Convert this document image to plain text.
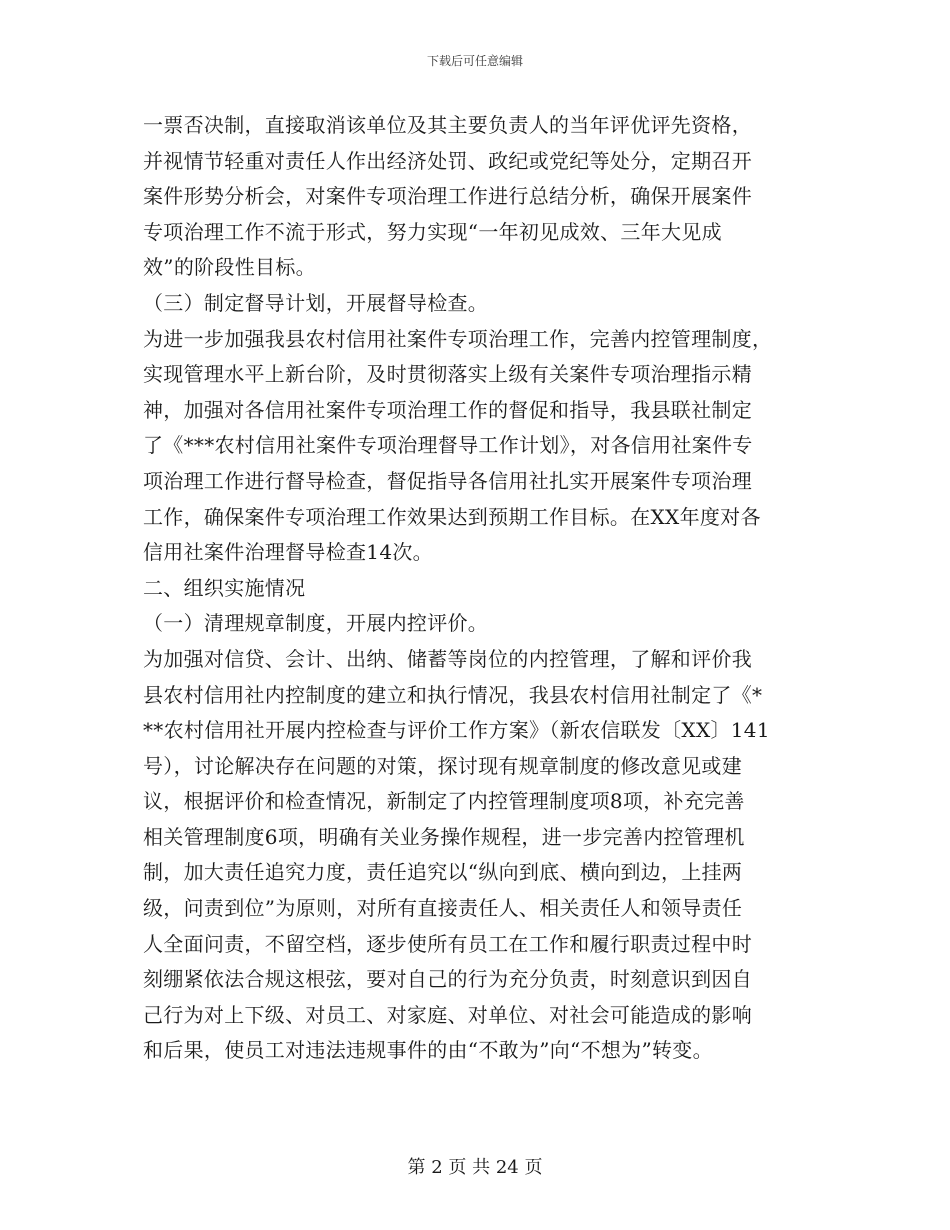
下载后可任意编辑
一票否决制，直接取消该单位及其主要负责人的当年评优评先资格，
并视情节轻重对责任人作出经济处罚、政纪或党纪等处分，定期召开
案件形势分析会，对案件专项治理工作进行总结分析，确保开展案件
专项治理工作不流于形式，努力实现“一年初见成效、三年大见成
效”的阶段性目标。
（三）制定督导计划，开展督导检查。
为进一步加强我县农村信用社案件专项治理工作，完善内控管理制度，
实现管理水平上新台阶，及时贯彻落实上级有关案件专项治理指示精
神，加强对各信用社案件专项治理工作的督促和指导，我县联社制定
了《***农村信用社案件专项治理督导工作计划》，对各信用社案件专
项治理工作进行督导检查，督促指导各信用社扎实开展案件专项治理
工作，确保案件专项治理工作效果达到预期工作目标。在XX年度对各
信用社案件治理督导检查14次。
二、组织实施情况
（一）清理规章制度，开展内控评价。
为加强对信贷、会计、出纳、储蓄等岗位的内控管理，了解和评价我
县农村信用社内控制度的建立和执行情况，我县农村信用社制定了《*
**农村信用社开展内控检查与评价工作方案》（新农信联发〔XX〕141
号），讨论解决存在问题的对策，探讨现有规章制度的修改意见或建
议，根据评价和检查情况，新制定了内控管理制度项8项，补充完善
相关管理制度6项，明确有关业务操作规程，进一步完善内控管理机
制，加大责任追究力度，责任追究以“纵向到底、横向到边，上挂两
级，问责到位”为原则，对所有直接责任人、相关责任人和领导责任
人全面问责，不留空档，逐步使所有员工在工作和履行职责过程中时
刻绷紧依法合规这根弦，要对自己的行为充分负责，时刻意识到因自
己行为对上下级、对员工、对家庭、对单位、对社会可能造成的影响
和后果，使员工对违法违规事件的由“不敢为”向“不想为”转变。
第 2 页 共 24 页
